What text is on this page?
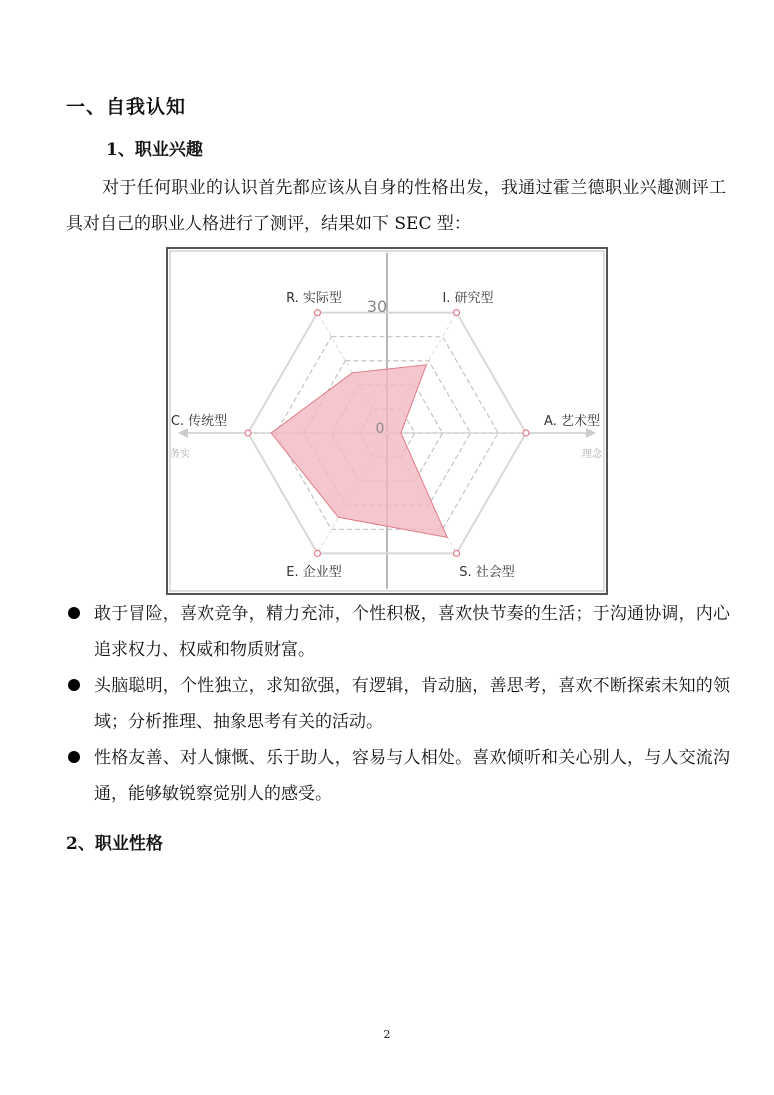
一、自我认知
1、职业兴趣
对于任何职业的认识首先都应该从自身的性格出发，我通过霍兰德职业兴趣测评工具对自己的职业人格进行了测评，结果如下 SEC 型：
R. 实际型	I. 研究型
A. 艺术型
S. 社会型
E. 企业型
C. 传统型
30
0
务实	理念
敢于冒险，喜欢竞争，精力充沛，个性积极，喜欢快节奏的生活；于沟通协调，内心追求权力、权威和物质财富。
头脑聪明，个性独立，求知欲强，有逻辑，肯动脑，善思考，喜欢不断探索未知的领域；分析推理、抽象思考有关的活动。
性格友善、对人慷慨、乐于助人，容易与人相处。喜欢倾听和关心别人，与人交流沟通，能够敏锐察觉别人的感受。
2、职业性格
2
